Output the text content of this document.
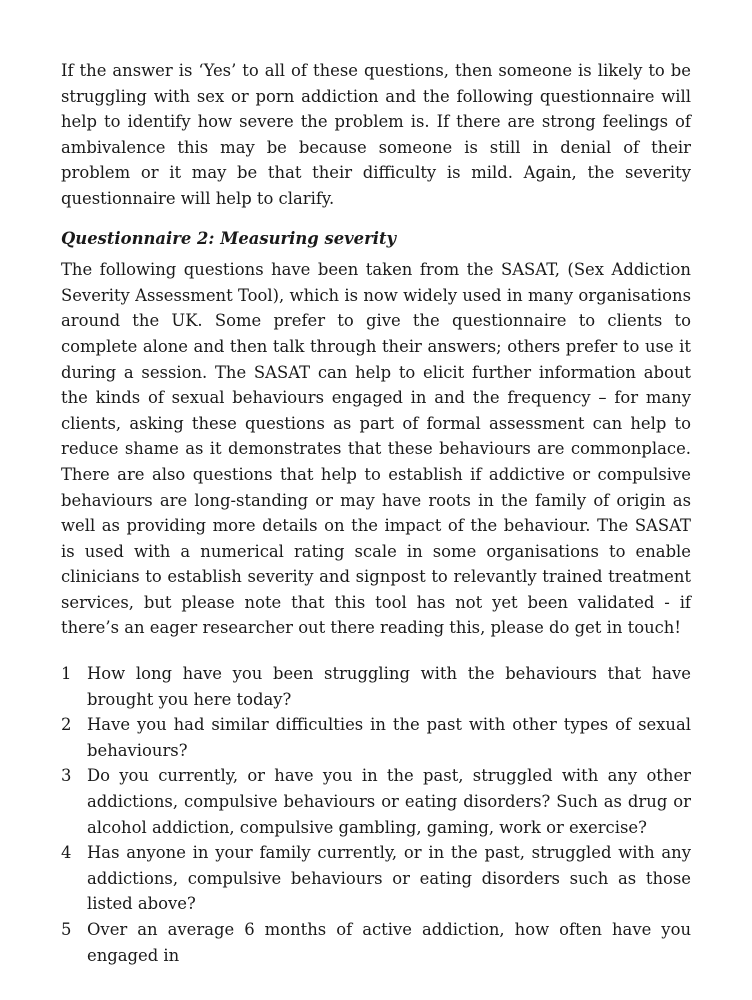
If the answer is ‘Yes’ to all of these questions, then someone is likely to be struggling with sex or porn addiction and the following questionnaire will help to identify how severe the problem is. If there are strong feelings of ambivalence this may be because someone is still in denial of their problem or it may be that their difficulty is mild. Again, the severity questionnaire will help to clarify.

Questionnaire 2: Measuring severity

The following questions have been taken from the SASAT, (Sex Addiction Severity Assessment Tool), which is now widely used in many organisations around the UK. Some prefer to give the questionnaire to clients to complete alone and then talk through their answers; others prefer to use it during a session. The SASAT can help to elicit further information about the kinds of sexual behaviours engaged in and the frequency – for many clients, asking these questions as part of formal assessment can help to reduce shame as it demonstrates that these behaviours are commonplace. There are also questions that help to establish if addictive or compulsive behaviours are long-standing or may have roots in the family of origin as well as providing more details on the impact of the behaviour. The SASAT is used with a numerical rating scale in some organisations to enable clinicians to establish severity and signpost to relevantly trained treatment services, but please note that this tool has not yet been validated - if there’s an eager researcher out there reading this, please do get in touch!

1 How long have you been struggling with the behaviours that have brought you here today?
2 Have you had similar difficulties in the past with other types of sexual behaviours?
3 Do you currently, or have you in the past, struggled with any other addictions, compulsive behaviours or eating disorders? Such as drug or alcohol addiction, compulsive gambling, gaming, work or exercise?
4 Has anyone in your family currently, or in the past, struggled with any addictions, compulsive behaviours or eating disorders such as those listed above?
5 Over an average 6 months of active addiction, how often have you engaged in
